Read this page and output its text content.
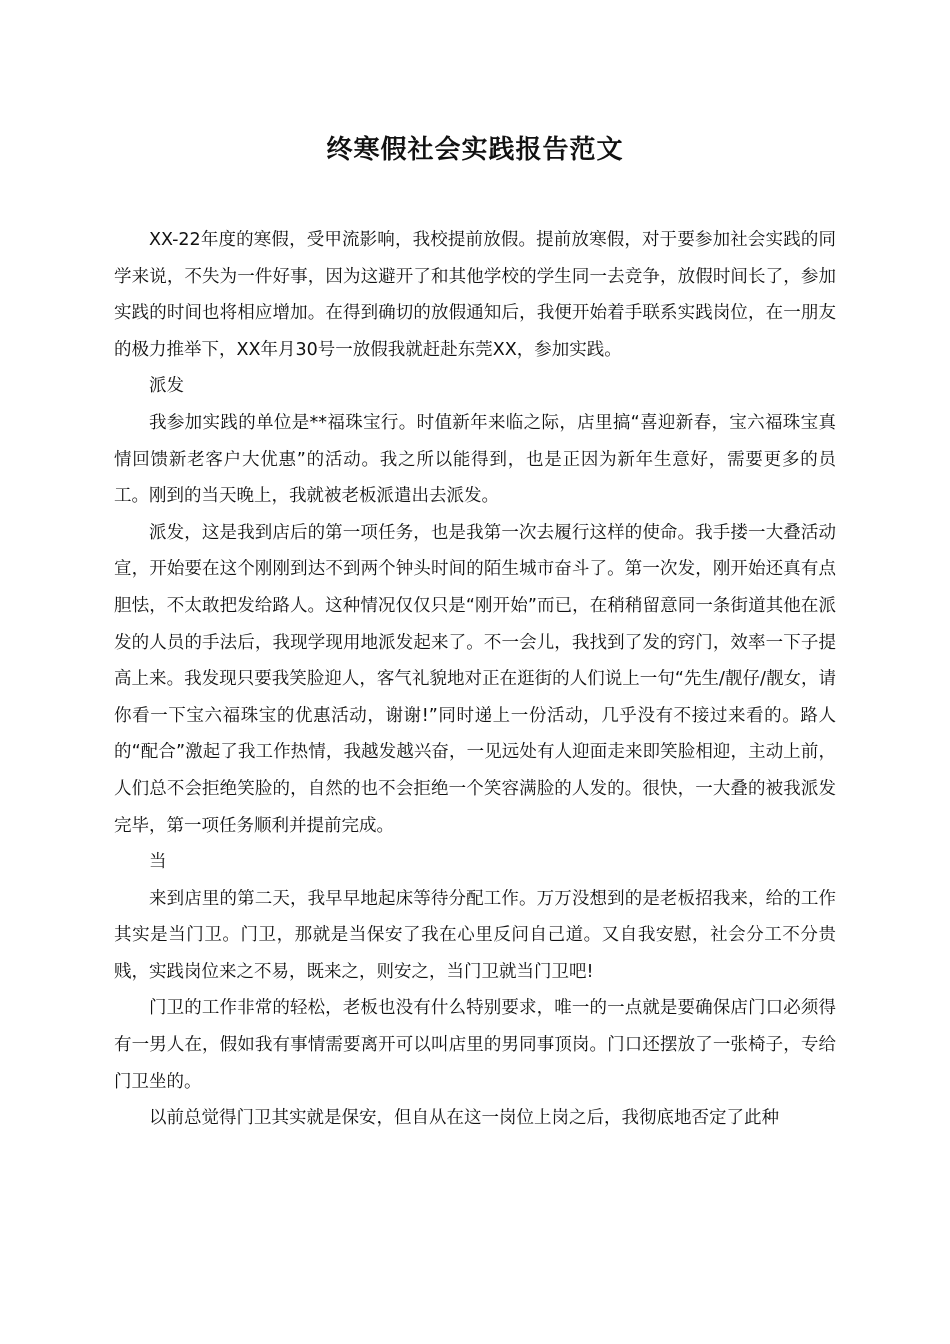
终寒假社会实践报告范文

XX-22年度的寒假，受甲流影响，我校提前放假。提前放寒假，对于要参加社会实践的同学来说，不失为一件好事，因为这避开了和其他学校的学生同一去竞争，放假时间长了，参加实践的时间也将相应增加。在得到确切的放假通知后，我便开始着手联系实践岗位，在一朋友的极力推举下，XX年月30号一放假我就赶赴东莞XX，参加实践。

派发

我参加实践的单位是**福珠宝行。时值新年来临之际，店里搞“喜迎新春，宝六福珠宝真情回馈新老客户大优惠”的活动。我之所以能得到，也是正因为新年生意好，需要更多的员工。刚到的当天晚上，我就被老板派遣出去派发。

派发，这是我到店后的第一项任务，也是我第一次去履行这样的使命。我手搂一大叠活动宣，开始要在这个刚刚到达不到两个钟头时间的陌生城市奋斗了。第一次发，刚开始还真有点胆怯，不太敢把发给路人。这种情况仅仅只是“刚开始”而已，在稍稍留意同一条街道其他在派发的人员的手法后，我现学现用地派发起来了。不一会儿，我找到了发的窍门，效率一下子提高上来。我发现只要我笑脸迎人，客气礼貌地对正在逛街的人们说上一句“先生/靓仔/靓女，请你看一下宝六福珠宝的优惠活动，谢谢!”同时递上一份活动，几乎没有不接过来看的。路人的“配合”激起了我工作热情，我越发越兴奋，一见远处有人迎面走来即笑脸相迎，主动上前，人们总不会拒绝笑脸的，自然的也不会拒绝一个笑容满脸的人发的。很快，一大叠的被我派发完毕，第一项任务顺利并提前完成。

当

来到店里的第二天，我早早地起床等待分配工作。万万没想到的是老板招我来，给的工作其实是当门卫。门卫，那就是当保安了我在心里反问自己道。又自我安慰，社会分工不分贵贱，实践岗位来之不易，既来之，则安之，当门卫就当门卫吧!

门卫的工作非常的轻松，老板也没有什么特别要求，唯一的一点就是要确保店门口必须得有一男人在，假如我有事情需要离开可以叫店里的男同事顶岗。门口还摆放了一张椅子，专给门卫坐的。

以前总觉得门卫其实就是保安，但自从在这一岗位上岗之后，我彻底地否定了此种
